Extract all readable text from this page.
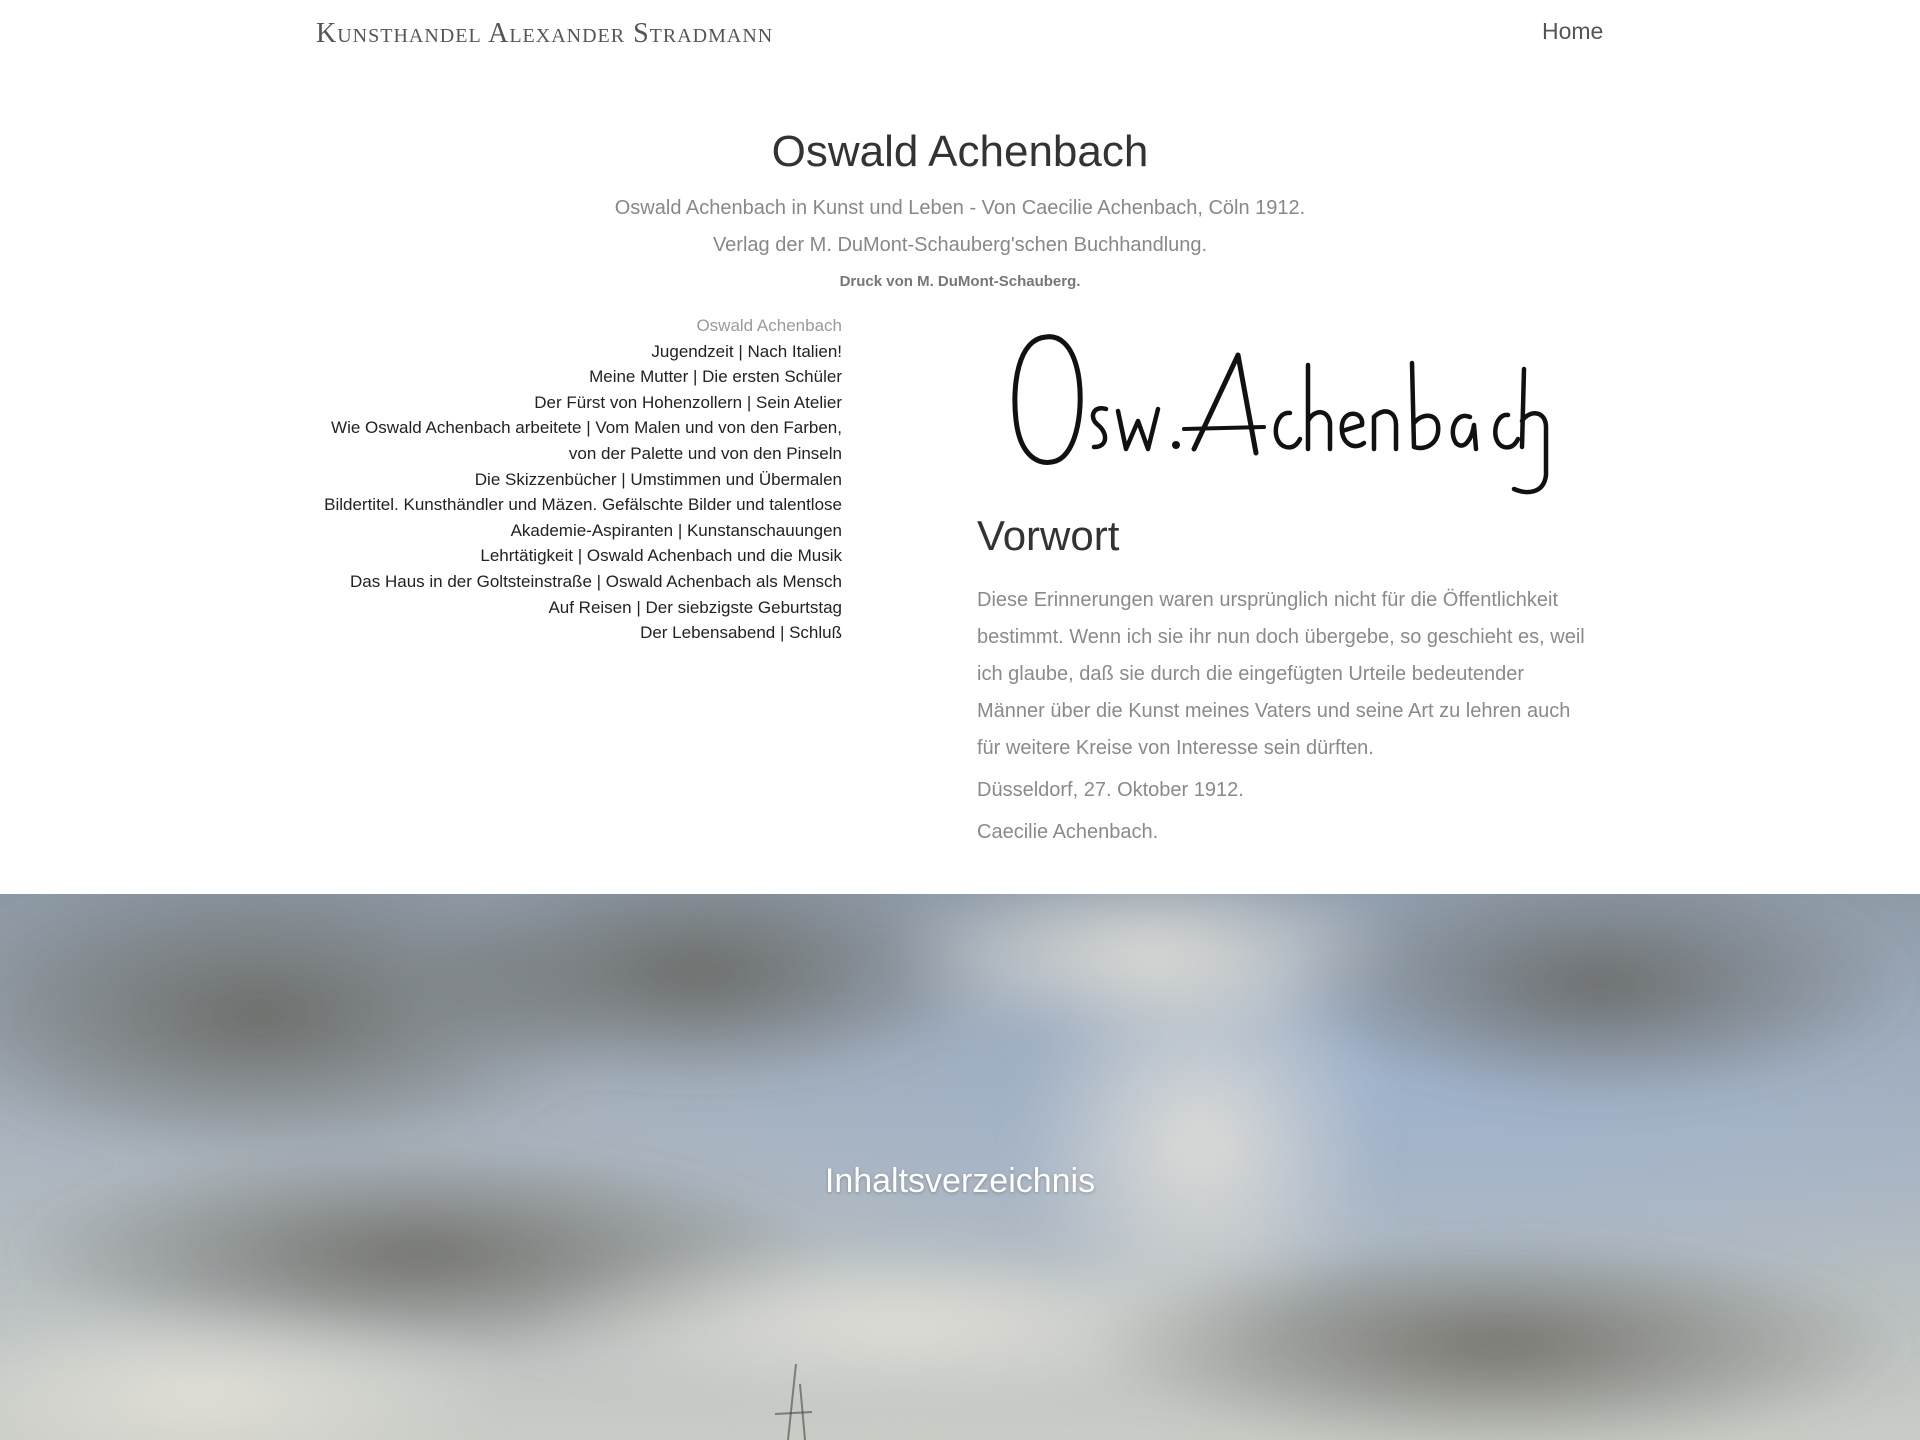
Kunsthandel Alexander Stradmann	Home
Oswald Achenbach

Oswald Achenbach in Kunst und Leben - Von Caecilie Achenbach, Cöln 1912.

Verlag der M. DuMont-Schauberg'schen Buchhandlung.

Druck von M. DuMont-Schauberg.

Oswald Achenbach
Jugendzeit | Nach Italien!
Meine Mutter | Die ersten Schüler
Der Fürst von Hohenzollern | Sein Atelier
Wie Oswald Achenbach arbeitete | Vom Malen und von den Farben,
von der Palette und von den Pinseln
Die Skizzenbücher | Umstimmen und Übermalen
Bildertitel. Kunsthändler und Mäzen. Gefälschte Bilder und talentlose
Akademie-Aspiranten | Kunstanschauungen
Lehrtätigkeit | Oswald Achenbach und die Musik
Das Haus in der Goltsteinstraße | Oswald Achenbach als Mensch
Auf Reisen | Der siebzigste Geburtstag
Der Lebensabend | Schluß
Vorwort

Diese Erinnerungen waren ursprünglich nicht für die Öffentlichkeit bestimmt. Wenn ich sie ihr nun doch übergebe, so geschieht es, weil ich glaube, daß sie durch die eingefügten Urteile bedeutender Männer über die Kunst meines Vaters und seine Art zu lehren auch für weitere Kreise von Interesse sein dürften.

Düsseldorf, 27. Oktober 1912.

Caecilie Achenbach.

Inhaltsverzeichnis
